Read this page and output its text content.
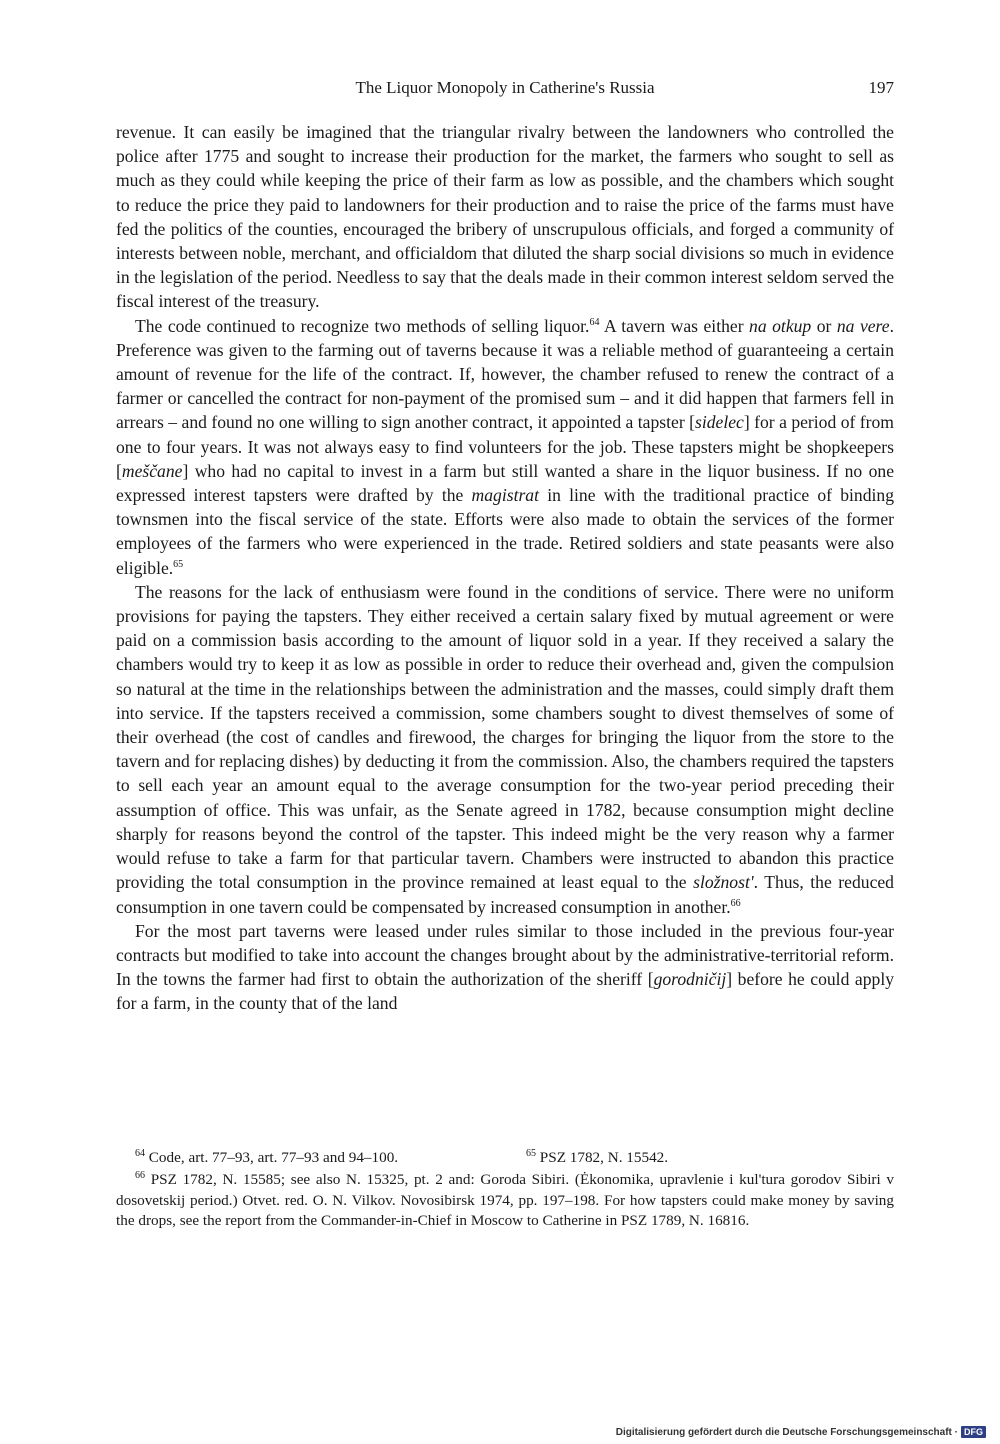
The Liquor Monopoly in Catherine's Russia	197

revenue. It can easily be imagined that the triangular rivalry between the landowners who controlled the police after 1775 and sought to increase their production for the market, the farmers who sought to sell as much as they could while keeping the price of their farm as low as possible, and the chambers which sought to reduce the price they paid to landowners for their production and to raise the price of the farms must have fed the politics of the counties, encouraged the bribery of unscrupulous officials, and forged a community of interests between noble, merchant, and officialdom that diluted the sharp social divisions so much in evidence in the legislation of the period. Needless to say that the deals made in their common interest seldom served the fiscal interest of the treasury.

The code continued to recognize two methods of selling liquor.$^{64}$ A tavern was either na otkup or na vere. Preference was given to the farming out of taverns because it was a reliable method of guaranteeing a certain amount of revenue for the life of the contract. If, however, the chamber refused to renew the contract of a farmer or cancelled the contract for non-payment of the promised sum – and it did happen that farmers fell in arrears – and found no one willing to sign another contract, it appointed a tapster [sidelec] for a period of from one to four years. It was not always easy to find volunteers for the job. These tapsters might be shopkeepers [meščane] who had no capital to invest in a farm but still wanted a share in the liquor business. If no one expressed interest tapsters were drafted by the magistrat in line with the traditional practice of binding townsmen into the fiscal service of the state. Efforts were also made to obtain the services of the former employees of the farmers who were experienced in the trade. Retired soldiers and state peasants were also eligible.$^{65}$

The reasons for the lack of enthusiasm were found in the conditions of service. There were no uniform provisions for paying the tapsters. They either received a certain salary fixed by mutual agreement or were paid on a commission basis according to the amount of liquor sold in a year. If they received a salary the chambers would try to keep it as low as possible in order to reduce their overhead and, given the compulsion so natural at the time in the relationships between the administration and the masses, could simply draft them into service. If the tapsters received a commission, some chambers sought to divest themselves of some of their overhead (the cost of candles and firewood, the charges for bringing the liquor from the store to the tavern and for replacing dishes) by deducting it from the commission. Also, the chambers required the tapsters to sell each year an amount equal to the average consumption for the two-year period preceding their assumption of office. This was unfair, as the Senate agreed in 1782, because consumption might decline sharply for reasons beyond the control of the tapster. This indeed might be the very reason why a farmer would refuse to take a farm for that particular tavern. Chambers were instructed to abandon this practice providing the total consumption in the province remained at least equal to the složnost'. Thus, the reduced consumption in one tavern could be compensated by increased consumption in another.$^{66}$

For the most part taverns were leased under rules similar to those included in the previous four-year contracts but modified to take into account the changes brought about by the administrative-territorial reform. In the towns the farmer had first to obtain the authorization of the sheriff [gorodničij] before he could apply for a farm, in the county that of the land

$^{64}$ Code, art. 77–93, art. 77–93 and 94–100.	$^{65}$ PSZ 1782, N. 15542.

$^{66}$ PSZ 1782, N. 15585; see also N. 15325, pt. 2 and: Goroda Sibiri. (Ėkonomika, upravlenie i kul'tura gorodov Sibiri v dosovetskij period.) Otvet. red. O. N. Vilkov. Novosibirsk 1974, pp. 197–198. For how tapsters could make money by saving the drops, see the report from the Commander-in-Chief in Moscow to Catherine in PSZ 1789, N. 16816.

Digitalisierung gefördert durch die Deutsche Forschungsgemeinschaft · DFG
